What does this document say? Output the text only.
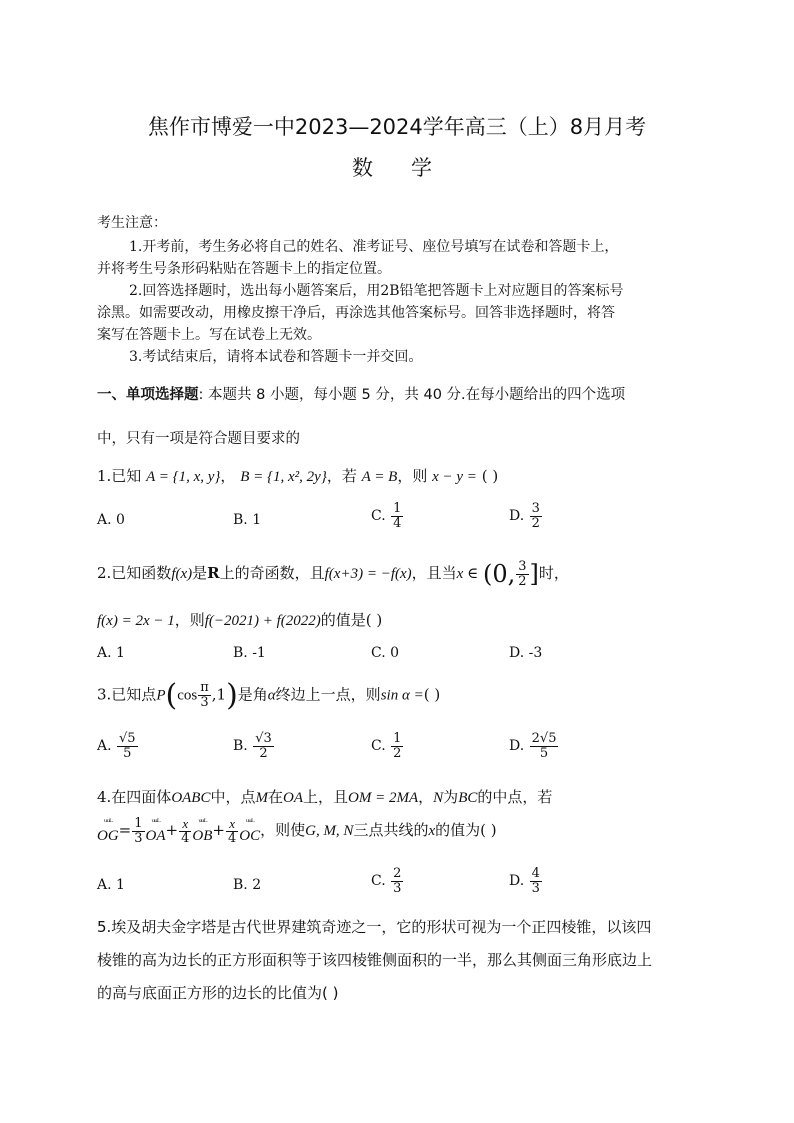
焦作市博爱一中2023—2024学年高三（上）8月月考
数 学
考生注意：
1.开考前，考生务必将自己的姓名、准考证号、座位号填写在试卷和答题卡上，
并将考生号条形码粘贴在答题卡上的指定位置。
2.回答选择题时，选出每小题答案后，用2B铅笔把答题卡上对应题目的答案标号
涂黑。如需要改动，用橡皮擦干净后，再涂选其他答案标号。回答非选择题时，将答
案写在答题卡上。写在试卷上无效。
3.考试结束后，请将本试卷和答题卡一并交回。
一、单项选择题: 本题共 8 小题，每小题 5 分，共 40 分.在每小题给出的四个选项
中，只有一项是符合题目要求的
1.已知 A = {1, x, y}， B = {1, x², 2y}，若 A = B，则 x − y = ( )
A. 0	B. 1	C. $\frac{1}{4}$	D. $\frac{3}{2}$
2.已知函数f(x)是R上的奇函数，且f(x+3) = −f(x)，且当x ∈ (0, $\frac{3}{2}$ ]时，
f(x) = 2x − 1，则f(−2021) + f(2022)的值是( )
A. 1	B. -1	C. 0	D. -3
3.已知点$P(\cos \frac{\pi}{3} ,1)$是角α终边上一点，则sin α =( )
A. $\frac{√5}{5}$	B. $\frac{√3}{2}$	C. $\frac{1}{2}$	D. $\frac{2√5}{5}$
4.在四面体OABC中，点M在OA上，且OM = 2MA，N为BC的中点，若
ᵘᵘᴸ
$OG= \frac{1}{3}$ ᵘᵘᴸ
$OA+ \frac{x}{4}$ ᵘᵘᴸ
$OB+ \frac{x}{4}$ ᵘᵘᴸ
OC，则使G, M, N三点共线的x的值为( )
A. 1	B. 2	C. $\frac{2}{3}$	D. $\frac{4}{3}$
5.埃及胡夫金字塔是古代世界建筑奇迹之一，它的形状可视为一个正四棱锥，以该四
棱锥的高为边长的正方形面积等于该四棱锥侧面积的一半，那么其侧面三角形底边上
的高与底面正方形的边长的比值为( )
